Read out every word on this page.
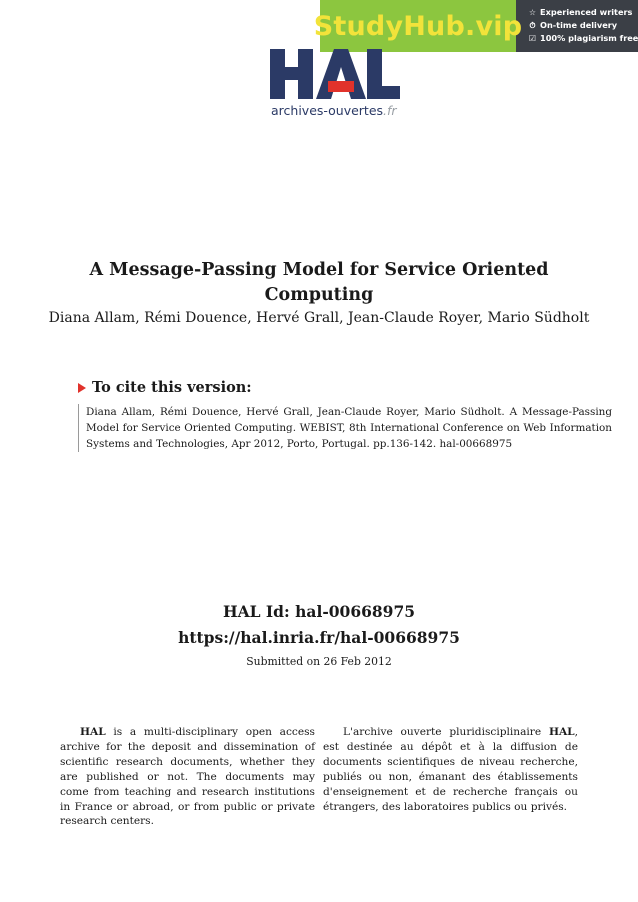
StudyHub.vip ☆ Experienced writers
⏱ On-time delivery
☑ 100% plagiarism free
archives-ouvertes.fr
A Message-Passing Model for Service Oriented Computing

Diana Allam, Rémi Douence, Hervé Grall, Jean-Claude Royer, Mario Südholt

To cite this version:
Diana Allam, Rémi Douence, Hervé Grall, Jean-Claude Royer, Mario Südholt. A Message-Passing Model for Service Oriented Computing. WEBIST, 8th International Conference on Web Information Systems and Technologies, Apr 2012, Porto, Portugal. pp.136-142. hal-00668975
HAL Id: hal-00668975
https://hal.inria.fr/hal-00668975
Submitted on 26 Feb 2012

HAL is a multi-disciplinary open access archive for the deposit and dissemination of scientific research documents, whether they are published or not. The documents may come from teaching and research institutions in France or abroad, or from public or private research centers.

L'archive ouverte pluridisciplinaire HAL, est destinée au dépôt et à la diffusion de documents scientifiques de niveau recherche, publiés ou non, émanant des établissements d'enseignement et de recherche français ou étrangers, des laboratoires publics ou privés.
